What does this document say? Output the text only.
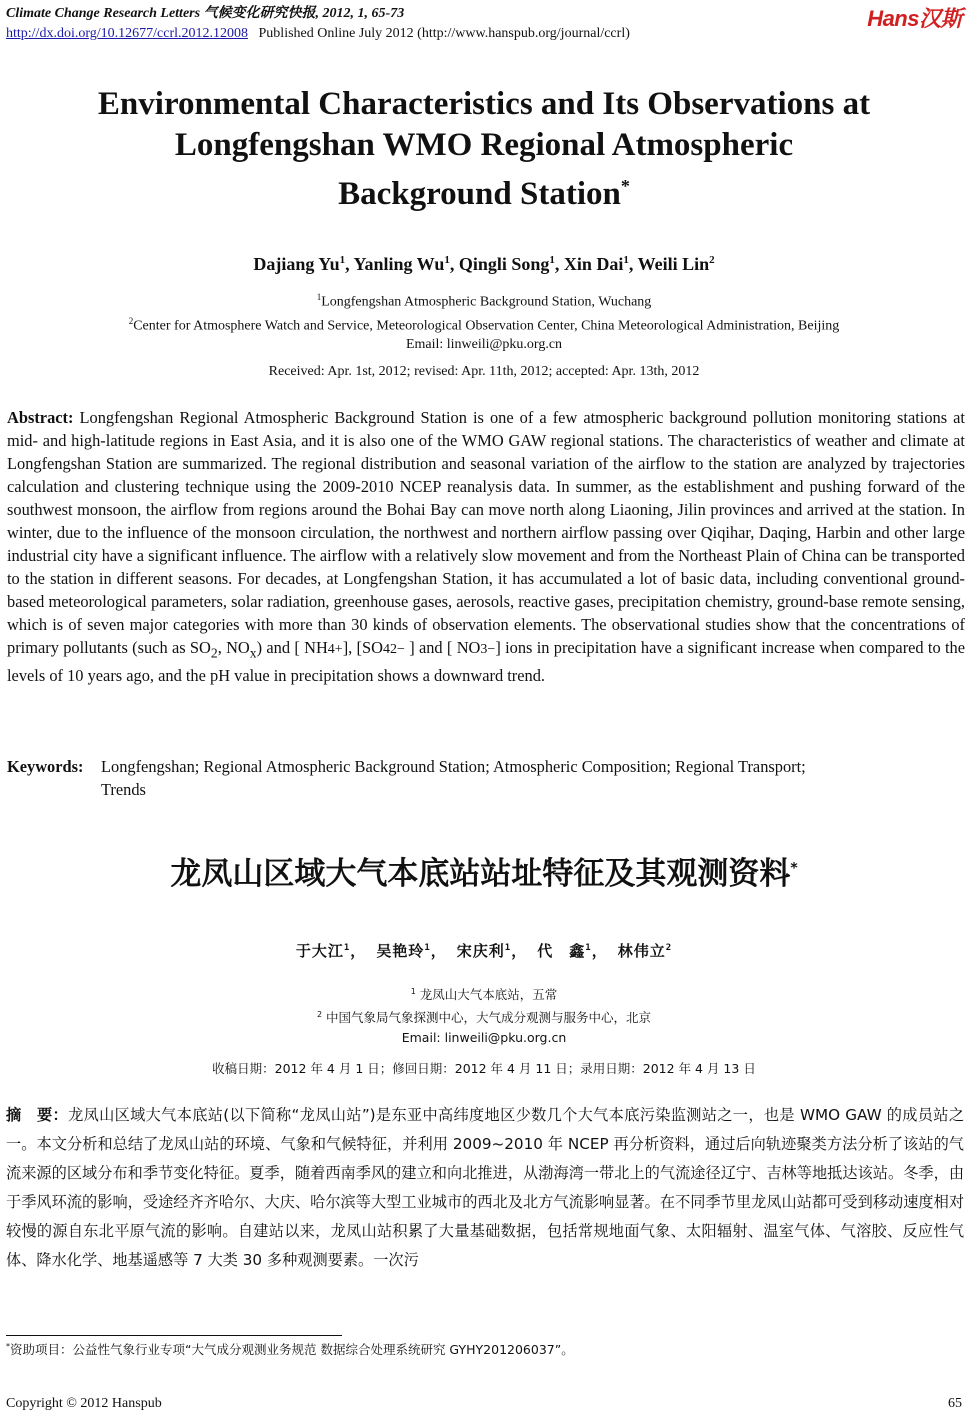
Climate Change Research Letters 气候变化研究快报, 2012, 1, 65-73
http://dx.doi.org/10.12677/ccrl.2012.12008 Published Online July 2012 (http://www.hanspub.org/journal/ccrl)
Hans汉斯
Environmental Characteristics and Its Observations at
Longfengshan WMO Regional Atmospheric
Background Station*
Dajiang Yu$^1$, Yanling Wu$^1$, Qingli Song$^1$, Xin Dai$^1$, Weili Lin$^2$
$^1$Longfengshan Atmospheric Background Station, Wuchang
$^2$Center for Atmosphere Watch and Service, Meteorological Observation Center, China Meteorological Administration, Beijing
Email: linweili@pku.org.cn
Received: Apr. 1st, 2012; revised: Apr. 11th, 2012; accepted: Apr. 13th, 2012
Abstract: Longfengshan Regional Atmospheric Background Station is one of a few atmospheric background pollution monitoring stations at mid- and high-latitude regions in East Asia, and it is also one of the WMO GAW regional stations. The characteristics of weather and climate at Longfengshan Station are summarized. The regional distribution and seasonal variation of the airflow to the station are analyzed by trajectories calculation and clustering technique using the 2009-2010 NCEP reanalysis data. In summer, as the establishment and pushing forward of the southwest monsoon, the airflow from regions around the Bohai Bay can move north along Liaoning, Jilin provinces and arrived at the station. In winter, due to the influence of the monsoon circulation, the northwest and northern airflow passing over Qiqihar, Daqing, Harbin and other large industrial city have a significant influence. The airflow with a relatively slow movement and from the Northeast Plain of China can be transported to the station in different seasons. For decades, at Longfengshan Station, it has accumulated a lot of basic data, including conventional ground-based meteorological parameters, solar radiation, greenhouse gases, aerosols, reactive gases, precipitation chemistry, ground-base remote sensing, which is of seven major categories with more than 30 kinds of observation elements. The observational studies show that the concentrations of primary pollutants (such as $SO_2$, $NO_x$) and [ NH4+], [SO42− ] and [ NO3−] ions in precipitation have a significant increase when compared to the levels of 10 years ago, and the pH value in precipitation shows a downward trend.
Keywords:	Longfengshan; Regional Atmospheric Background Station; Atmospheric Composition; Regional Transport;
Trends
龙凤山区域大气本底站站址特征及其观测资料*
于大江$^1$， 吴艳玲$^1$， 宋庆利$^1$， 代　鑫$^1$， 林伟立$^2$
$^1$ 龙凤山大气本底站，五常
$^2$ 中国气象局气象探测中心，大气成分观测与服务中心，北京
Email: linweili@pku.org.cn
收稿日期：2012 年 4 月 1 日；修回日期：2012 年 4 月 11 日；录用日期：2012 年 4 月 13 日
摘　要：龙凤山区域大气本底站(以下简称“龙凤山站”)是东亚中高纬度地区少数几个大气本底污染监测站之一，也是 WMO GAW 的成员站之一。本文分析和总结了龙凤山站的环境、气象和气候特征，并利用 2009~2010 年 NCEP 再分析资料，通过后向轨迹聚类方法分析了该站的气流来源的区域分布和季节变化特征。夏季，随着西南季风的建立和向北推进，从渤海湾一带北上的气流途径辽宁、吉林等地抵达该站。冬季，由于季风环流的影响，受途经齐齐哈尔、大庆、哈尔滨等大型工业城市的西北及北方气流影响显著。在不同季节里龙凤山站都可受到移动速度相对较慢的源自东北平原气流的影响。自建站以来，龙凤山站积累了大量基础数据，包括常规地面气象、太阳辐射、温室气体、气溶胶、反应性气体、降水化学、地基遥感等 7 大类 30 多种观测要素。一次污
*资助项目：公益性气象行业专项“大气成分观测业务规范 数据综合处理系统研究 GYHY201206037”。
Copyright © 2012 Hanspub	65
